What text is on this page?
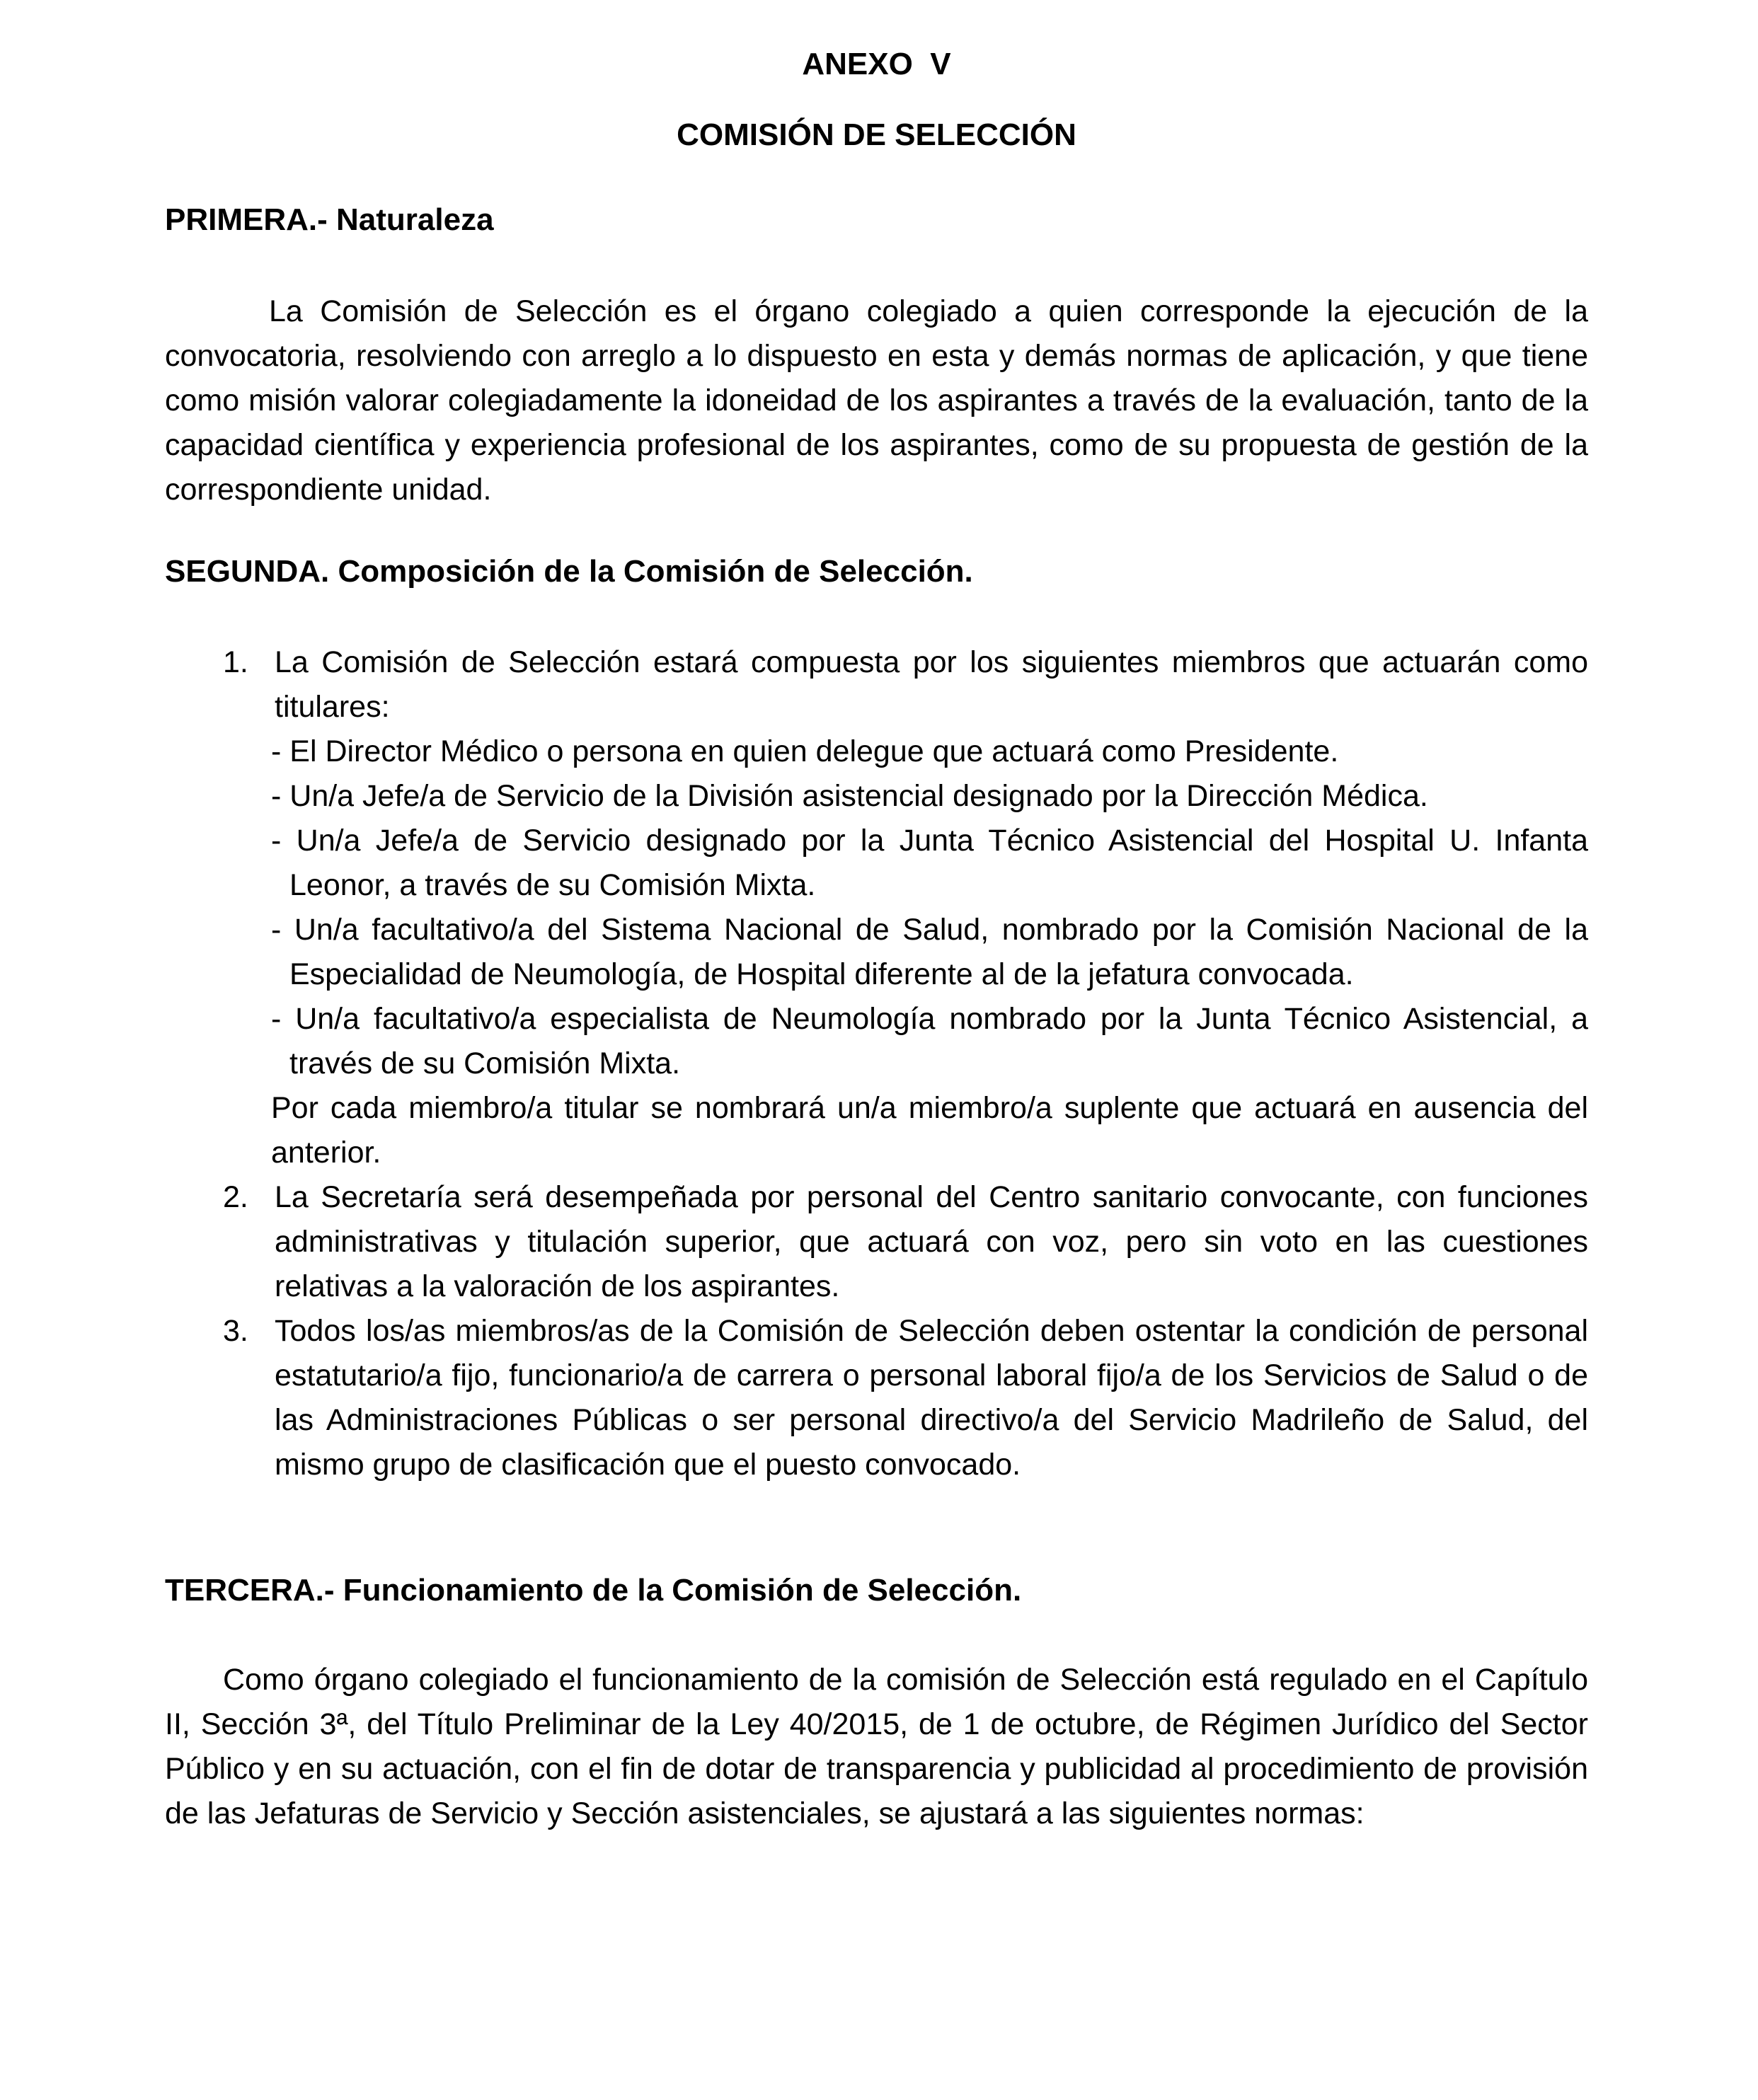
ANEXO  V
COMISIÓN DE SELECCIÓN
PRIMERA.- Naturaleza

La Comisión de Selección es el órgano colegiado a quien corresponde la ejecución de la convocatoria, resolviendo con arreglo a lo dispuesto en esta y demás normas de aplicación, y que tiene como misión valorar colegiadamente la idoneidad de los aspirantes a través de la evaluación, tanto de la capacidad científica y experiencia profesional de los aspirantes, como de su propuesta de gestión de la correspondiente unidad.

SEGUNDA. Composición de la Comisión de Selección.
1. La Comisión de Selección estará compuesta por los siguientes miembros que actuarán como titulares:

- El Director Médico o persona en quien delegue que actuará como Presidente.

- Un/a Jefe/a de Servicio de la División asistencial designado por la Dirección Médica.

- Un/a Jefe/a de Servicio designado por la Junta Técnico Asistencial del Hospital U. Infanta Leonor, a través de su Comisión Mixta.

- Un/a facultativo/a del Sistema Nacional de Salud, nombrado por la Comisión Nacional de la Especialidad de Neumología, de Hospital diferente al de la jefatura convocada.

- Un/a facultativo/a especialista de Neumología nombrado por la Junta Técnico Asistencial, a través de su Comisión Mixta.

Por cada miembro/a titular se nombrará un/a miembro/a suplente que actuará en ausencia del anterior.

2. La Secretaría será desempeñada por personal del Centro sanitario convocante, con funciones administrativas y titulación superior, que actuará con voz, pero sin voto en las cuestiones relativas a la valoración de los aspirantes.
3. Todos los/as miembros/as de la Comisión de Selección deben ostentar la condición de personal estatutario/a fijo, funcionario/a de carrera o personal laboral fijo/a de los Servicios de Salud o de las Administraciones Públicas o ser personal directivo/a del Servicio Madrileño de Salud, del mismo grupo de clasificación que el puesto convocado.
TERCERA.- Funcionamiento de la Comisión de Selección.

Como órgano colegiado el funcionamiento de la comisión de Selección está regulado en el Capítulo II, Sección 3ª, del Título Preliminar de la Ley 40/2015, de 1 de octubre, de Régimen Jurídico del Sector Público y en su actuación, con el fin de dotar de transparencia y publicidad al procedimiento de provisión de las Jefaturas de Servicio y Sección asistenciales, se ajustará a las siguientes normas:
